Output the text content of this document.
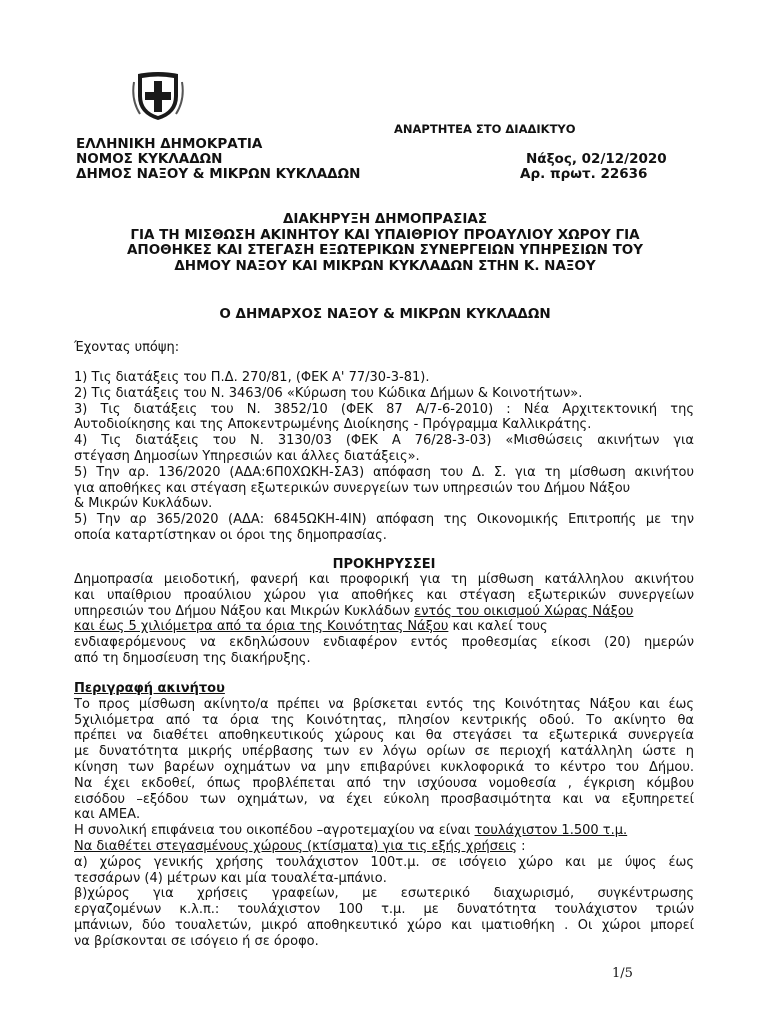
ΑΝΑΡΤΗΤΕΑ ΣΤΟ ΔΙΑΔΙΚΤΥΟ
ΕΛΛΗΝΙΚΗ ΔΗΜΟΚΡΑΤΙΑ
ΝΟΜΟΣ ΚΥΚΛΑΔΩΝ
ΔΗΜΟΣ ΝΑΞΟΥ & ΜΙΚΡΩΝ ΚΥΚΛΑΔΩΝ
Νάξος, 02/12/2020
Αρ. πρωτ. 22636
ΔΙΑΚΗΡΥΞΗ ΔΗΜΟΠΡΑΣΙΑΣ
ΓΙΑ ΤΗ ΜΙΣΘΩΣΗ ΑΚΙΝΗΤΟΥ ΚΑΙ ΥΠΑΙΘΡΙΟΥ ΠΡΟΑΥΛΙΟΥ ΧΩΡΟΥ ΓΙΑ
ΑΠΟΘΗΚΕΣ ΚΑΙ ΣΤΕΓΑΣΗ ΕΞΩΤΕΡΙΚΩΝ ΣΥΝΕΡΓΕΙΩΝ ΥΠΗΡΕΣΙΩΝ ΤΟΥ
ΔΗΜΟΥ ΝΑΞΟΥ ΚΑΙ ΜΙΚΡΩΝ ΚΥΚΛΑΔΩΝ ΣΤΗΝ Κ. ΝΑΞΟΥ
Ο ΔΗΜΑΡΧΟΣ ΝΑΞΟΥ & ΜΙΚΡΩΝ ΚΥΚΛΑΔΩΝ
Έχοντας υπόψη:
1) Τις διατάξεις του Π.Δ. 270/81, (ΦΕΚ Α' 77/30-3-81).
2) Τις διατάξεις του Ν. 3463/06 «Κύρωση του Κώδικα Δήμων & Κοινοτήτων».
3) Τις διατάξεις του Ν. 3852/10 (ΦΕΚ 87 Α/7-6-2010) : Νέα Αρχιτεκτονική της
Αυτοδιοίκησης και της Αποκεντρωμένης Διοίκησης - Πρόγραμμα Καλλικράτης.
4) Τις διατάξεις του Ν. 3130/03 (ΦΕΚ Α 76/28-3-03) «Μισθώσεις ακινήτων για
στέγαση Δημοσίων Υπηρεσιών και άλλες διατάξεις».
5) Την αρ. 136/2020 (ΑΔΑ:6Π0ΧΩΚΗ-ΣΑ3) απόφαση του Δ. Σ. για τη μίσθωση ακινήτου
για αποθήκες και στέγαση εξωτερικών συνεργείων των υπηρεσιών του Δήμου Νάξου
& Μικρών Κυκλάδων.
5) Την αρ 365/2020 (ΑΔΑ: 6845ΩΚΗ-4ΙΝ) απόφαση της Οικονομικής Επιτροπής με την
οποία καταρτίστηκαν οι όροι της δημοπρασίας.
ΠΡΟΚΗΡΥΣΣΕΙ
Δημοπρασία μειοδοτική, φανερή και προφορική για τη μίσθωση κατάλληλου ακινήτου
και υπαίθριου προαύλιου χώρου για αποθήκες και στέγαση εξωτερικών συνεργείων
υπηρεσιών του Δήμου Νάξου και Μικρών Κυκλάδων εντός του οικισμού Χώρας Νάξου
και έως 5 χιλιόμετρα από τα όρια της Κοινότητας Νάξου και καλεί τους
ενδιαφερόμενους να εκδηλώσουν ενδιαφέρον εντός προθεσμίας είκοσι (20) ημερών
από τη δημοσίευση της διακήρυξης.
Περιγραφή ακινήτου
Το προς μίσθωση ακίνητο/α πρέπει να βρίσκεται εντός της Κοινότητας Νάξου και έως
5χιλιόμετρα από τα όρια της Κοινότητας, πλησίον κεντρικής οδού. Το ακίνητο θα
πρέπει να διαθέτει αποθηκευτικούς χώρους και θα στεγάσει τα εξωτερικά συνεργεία
με δυνατότητα μικρής υπέρβασης των εν λόγω ορίων σε περιοχή κατάλληλη ώστε η
κίνηση των βαρέων οχημάτων να μην επιβαρύνει κυκλοφορικά το κέντρο του Δήμου.
Να έχει εκδοθεί, όπως προβλέπεται από την ισχύουσα νομοθεσία , έγκριση κόμβου
εισόδου –εξόδου των οχημάτων, να έχει εύκολη προσβασιμότητα και να εξυπηρετεί
και ΑΜΕΑ.
Η συνολική επιφάνεια του οικοπέδου –αγροτεμαχίου να είναι τουλάχιστον 1.500 τ.μ.
Να διαθέτει στεγασμένους χώρους (κτίσματα) για τις εξής χρήσεις :
α) χώρος γενικής χρήσης τουλάχιστον 100τ.μ. σε ισόγειο χώρο και με ύψος έως
τεσσάρων (4) μέτρων και μία τουαλέτα-μπάνιο.
β)χώρος για χρήσεις γραφείων, με εσωτερικό διαχωρισμό, συγκέντρωσης
εργαζομένων κ.λ.π.: τουλάχιστον 100 τ.μ. με δυνατότητα τουλάχιστον τριών
μπάνιων, δύο τουαλετών, μικρό αποθηκευτικό χώρο και ιματιοθήκη . Οι χώροι μπορεί
να βρίσκονται σε ισόγειο ή σε όροφο.
1/5
